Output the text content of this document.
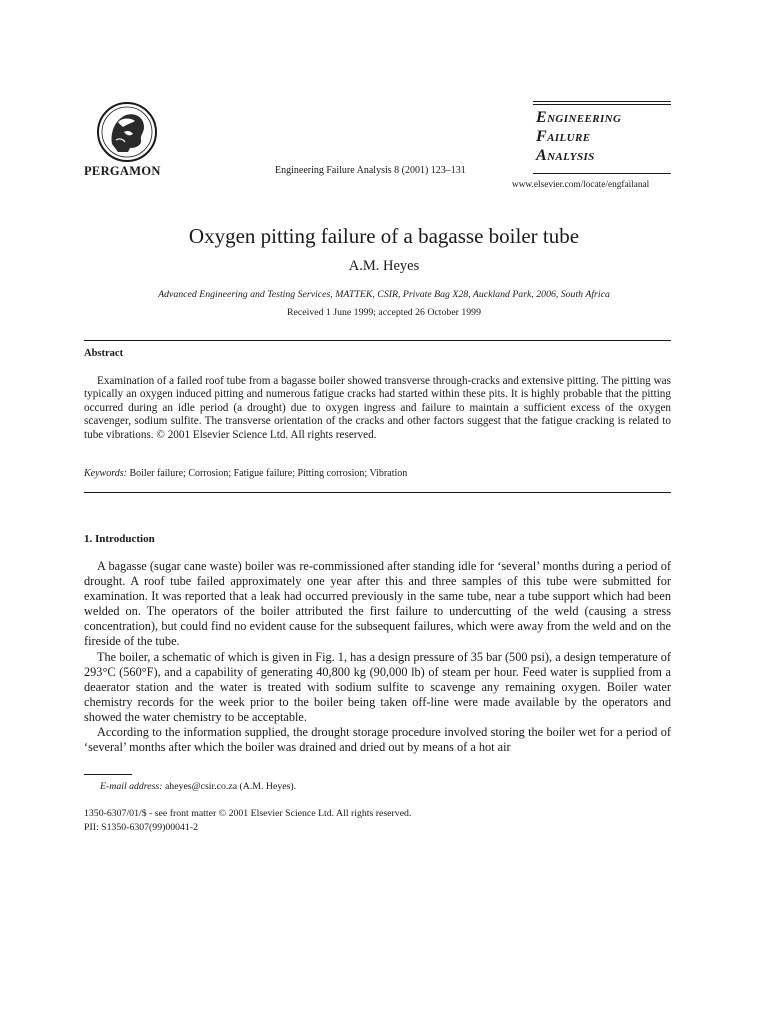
PERGAMON	Engineering Failure Analysis 8 (2001) 123–131
Engineering
Failure
Analysis
www.elsevier.com/locate/engfailanal
Oxygen pitting failure of a bagasse boiler tube
A.M. Heyes
Advanced Engineering and Testing Services, MATTEK, CSIR, Private Bag X28, Auckland Park, 2006, South Africa
Received 1 June 1999; accepted 26 October 1999
Abstract
Examination of a failed roof tube from a bagasse boiler showed transverse through-cracks and extensive pitting. The pitting was typically an oxygen induced pitting and numerous fatigue cracks had started within these pits. It is highly probable that the pitting occurred during an idle period (a drought) due to oxygen ingress and failure to maintain a sufficient excess of the oxygen scavenger, sodium sulfite. The transverse orientation of the cracks and other factors suggest that the fatigue cracking is related to tube vibrations. © 2001 Elsevier Science Ltd. All rights reserved.
Keywords: Boiler failure; Corrosion; Fatigue failure; Pitting corrosion; Vibration
1. Introduction

A bagasse (sugar cane waste) boiler was re-commissioned after standing idle for ‘several’ months during a period of drought. A roof tube failed approximately one year after this and three samples of this tube were submitted for examination. It was reported that a leak had occurred previously in the same tube, near a tube support which had been welded on. The operators of the boiler attributed the first failure to undercutting of the weld (causing a stress concentration), but could find no evident cause for the subsequent failures, which were away from the weld and on the fireside of the tube.

The boiler, a schematic of which is given in Fig. 1, has a design pressure of 35 bar (500 psi), a design temperature of 293°C (560°F), and a capability of generating 40,800 kg (90,000 lb) of steam per hour. Feed water is supplied from a deaerator station and the water is treated with sodium sulfite to scavenge any remaining oxygen. Boiler water chemistry records for the week prior to the boiler being taken off-line were made available by the operators and showed the water chemistry to be acceptable.

According to the information supplied, the drought storage procedure involved storing the boiler wet for a period of ‘several’ months after which the boiler was drained and dried out by means of a hot air

E-mail address: aheyes@csir.co.za (A.M. Heyes).
1350-6307/01/$ - see front matter © 2001 Elsevier Science Ltd. All rights reserved.
PII: S1350-6307(99)00041-2
